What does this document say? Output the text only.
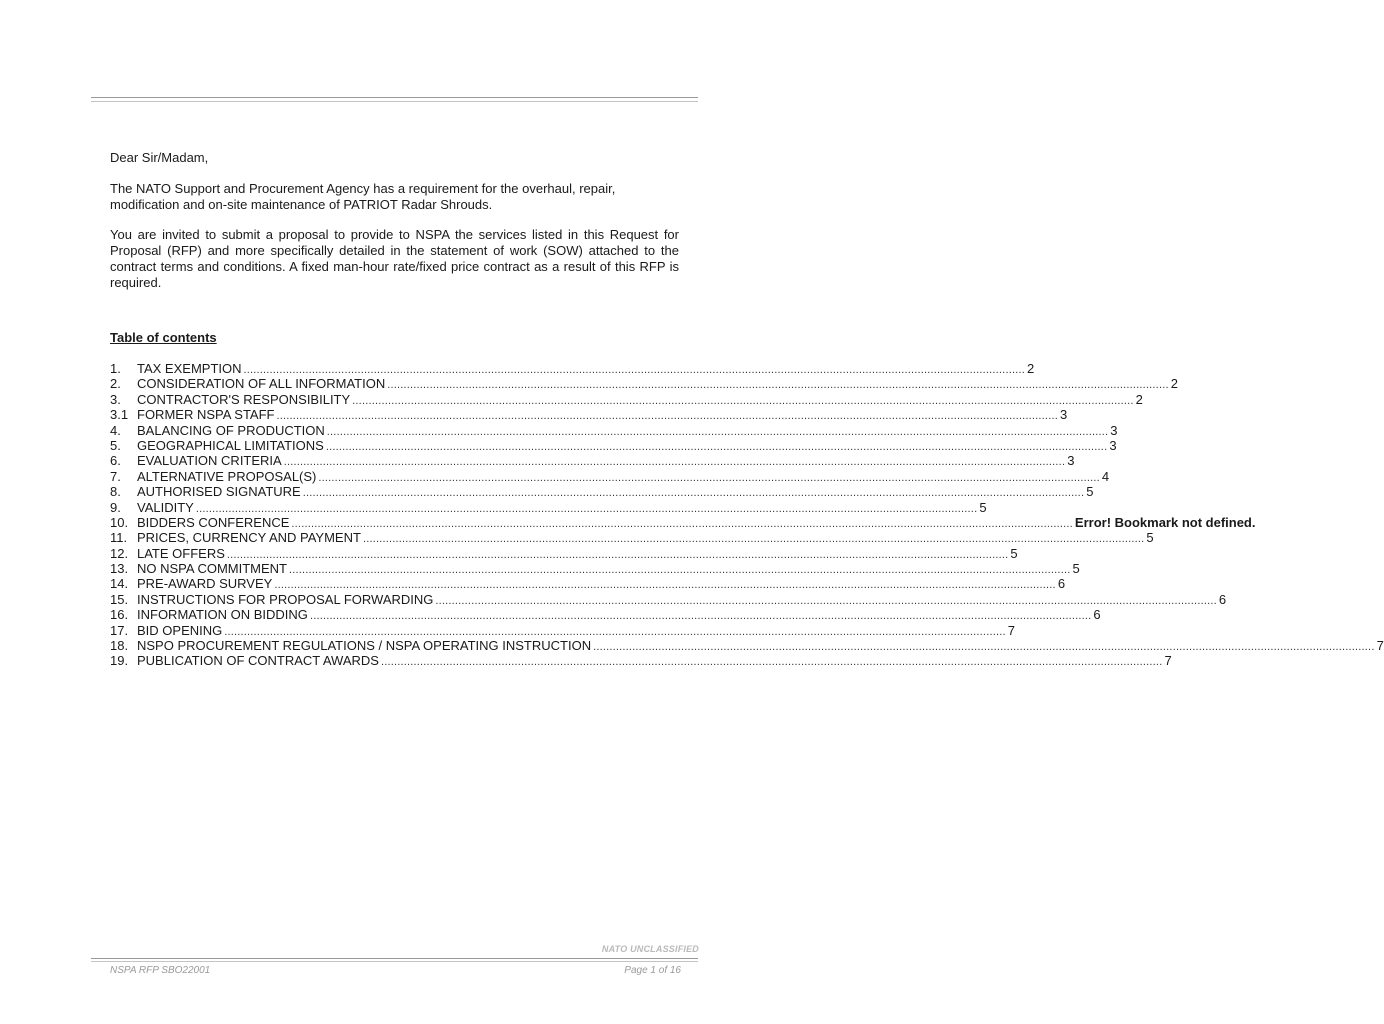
Dear Sir/Madam,

The NATO Support and Procurement Agency has a requirement for the overhaul, repair, modification and on-site maintenance of PATRIOT Radar Shrouds.

You are invited to submit a proposal to provide to NSPA the services listed in this Request for Proposal (RFP) and more specifically detailed in the statement of work (SOW) attached to the contract terms and conditions. A fixed man-hour rate/fixed price contract as a result of this RFP is required.

Table of contents

1.	TAX EXEMPTION ................................................................................................................................................................................................................................................ 2
2.	CONSIDERATION OF ALL INFORMATION ................................................................................................................................................................................................................................................ 2
3.	CONTRACTOR'S RESPONSIBILITY ................................................................................................................................................................................................................................................ 2
3.1 FORMER NSPA STAFF ................................................................................................................................................................................................................................................ 3
4.	BALANCING OF PRODUCTION ................................................................................................................................................................................................................................................ 3
5.	GEOGRAPHICAL LIMITATIONS ................................................................................................................................................................................................................................................ 3
6.	EVALUATION CRITERIA ................................................................................................................................................................................................................................................ 3
7.	ALTERNATIVE PROPOSAL(S) ................................................................................................................................................................................................................................................ 4
8.	AUTHORISED SIGNATURE ................................................................................................................................................................................................................................................ 5
9.	VALIDITY ................................................................................................................................................................................................................................................ 5
10. BIDDERS CONFERENCE ................................................................................................................................................................................................................................................ Error! Bookmark not defined.
11. PRICES, CURRENCY AND PAYMENT ................................................................................................................................................................................................................................................ 5
12. LATE OFFERS ................................................................................................................................................................................................................................................ 5
13. NO NSPA COMMITMENT ................................................................................................................................................................................................................................................ 5
14. PRE-AWARD SURVEY ................................................................................................................................................................................................................................................ 6
15. INSTRUCTIONS FOR PROPOSAL FORWARDING ................................................................................................................................................................................................................................................ 6
16. INFORMATION ON BIDDING ................................................................................................................................................................................................................................................ 6
17. BID OPENING ................................................................................................................................................................................................................................................ 7
18. NSPO PROCUREMENT REGULATIONS / NSPA OPERATING INSTRUCTION ................................................................................................................................................................................................................................................ 7
19. PUBLICATION OF CONTRACT AWARDS ................................................................................................................................................................................................................................................ 7
NATO UNCLASSIFIED
NSPA RFP SBO22001	Page 1 of 16
